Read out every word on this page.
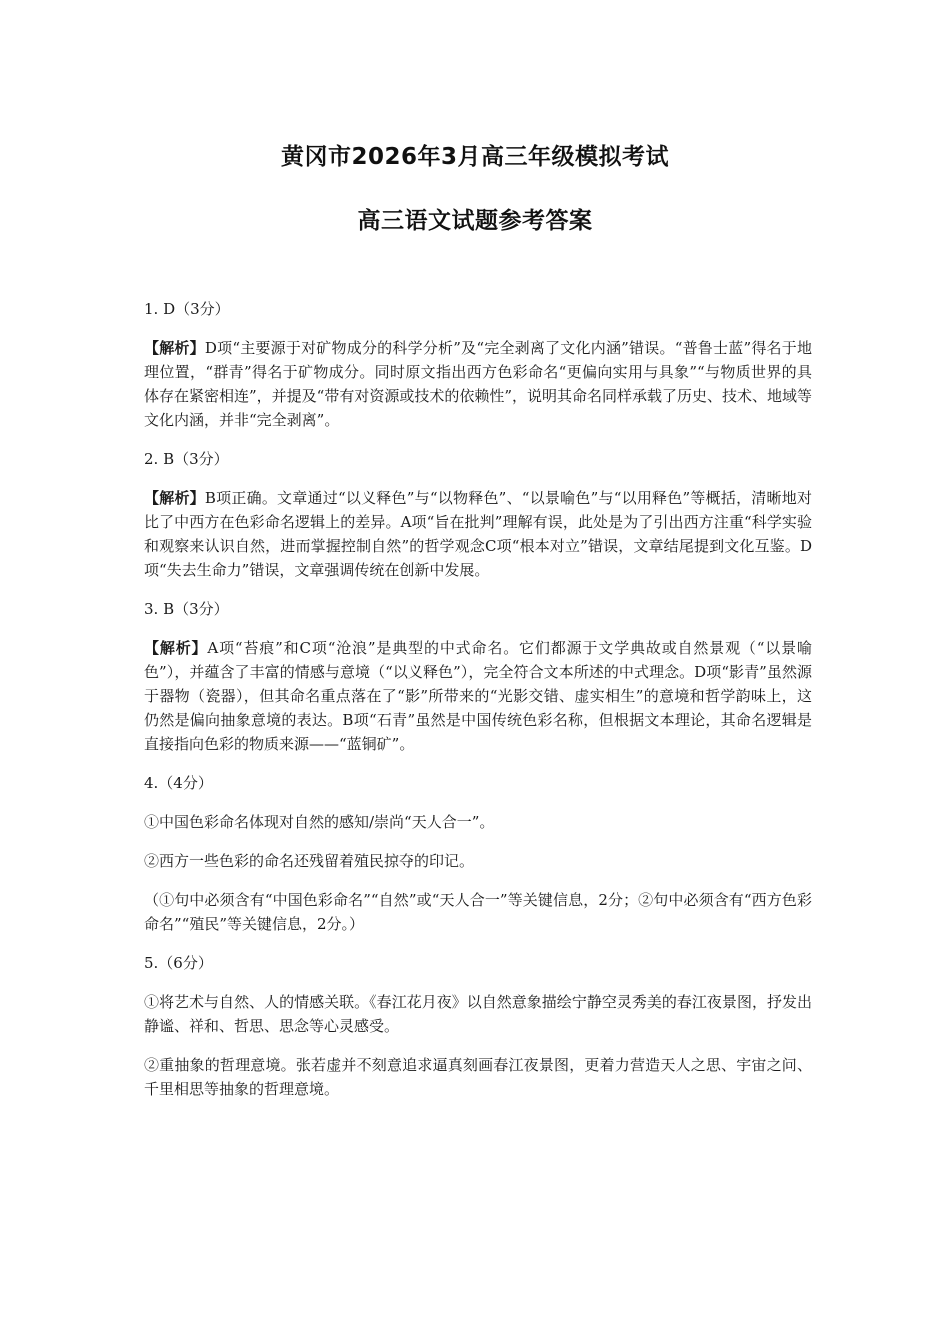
黄冈市2026年3月高三年级模拟考试
高三语文试题参考答案

1. D（3分）

【解析】D项“主要源于对矿物成分的科学分析”及“完全剥离了文化内涵”错误。“普鲁士蓝”得名于地理位置，“群青”得名于矿物成分。同时原文指出西方色彩命名“更偏向实用与具象”“与物质世界的具体存在紧密相连”，并提及“带有对资源或技术的依赖性”，说明其命名同样承载了历史、技术、地域等文化内涵，并非“完全剥离”。

2. B（3分）

【解析】B项正确。文章通过“以义释色”与“以物释色”、“以景喻色”与“以用释色”等概括，清晰地对比了中西方在色彩命名逻辑上的差异。A项“旨在批判”理解有误，此处是为了引出西方注重“科学实验和观察来认识自然，进而掌握控制自然”的哲学观念C项“根本对立”错误，文章结尾提到文化互鉴。D项“失去生命力”错误，文章强调传统在创新中发展。

3. B（3分）

【解析】A项“苔痕”和C项“沧浪”是典型的中式命名。它们都源于文学典故或自然景观（“以景喻色”），并蕴含了丰富的情感与意境（“以义释色”），完全符合文本所述的中式理念。D项“影青”虽然源于器物（瓷器），但其命名重点落在了“影”所带来的“光影交错、虚实相生”的意境和哲学韵味上，这仍然是偏向抽象意境的表达。B项“石青”虽然是中国传统色彩名称，但根据文本理论，其命名逻辑是直接指向色彩的物质来源——“蓝铜矿”。

4.（4分）

①中国色彩命名体现对自然的感知/崇尚“天人合一”。

②西方一些色彩的命名还残留着殖民掠夺的印记。

（①句中必须含有“中国色彩命名”“自然”或“天人合一”等关键信息，2分；②句中必须含有“西方色彩命名”“殖民”等关键信息，2分。）

5.（6分）

①将艺术与自然、人的情感关联。《春江花月夜》以自然意象描绘宁静空灵秀美的春江夜景图，抒发出静谧、祥和、哲思、思念等心灵感受。

②重抽象的哲理意境。张若虚并不刻意追求逼真刻画春江夜景图，更着力营造天人之思、宇宙之问、千里相思等抽象的哲理意境。
